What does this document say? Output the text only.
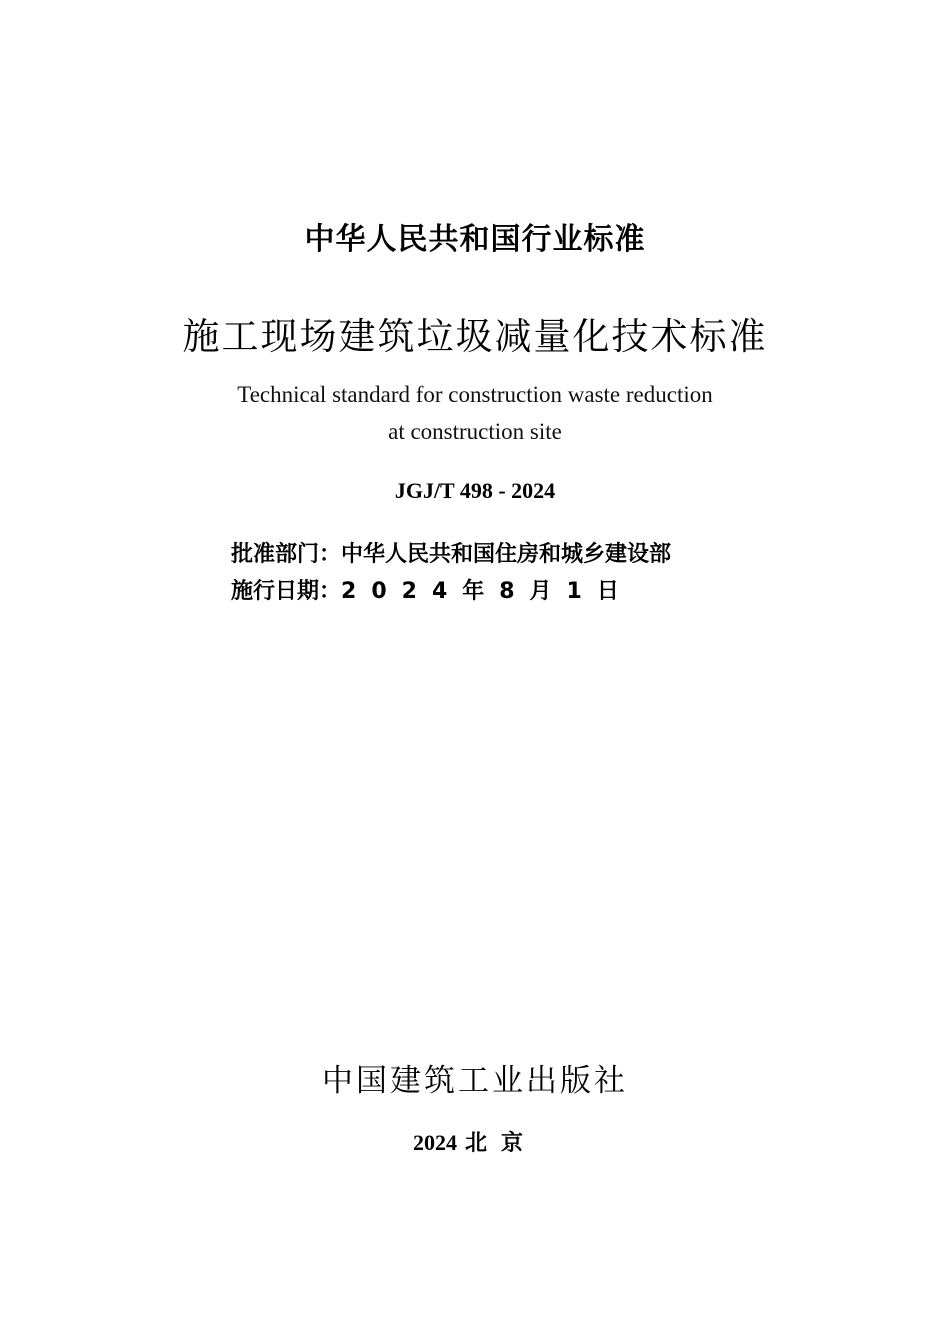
中华人民共和国行业标准
施工现场建筑垃圾减量化技术标准
Technical standard for construction waste reduction
at construction site
JGJ/T 498 - 2024
批准部门：中华人民共和国住房和城乡建设部
施行日期：2024年8月1日
中国建筑工业出版社
2024 北京
